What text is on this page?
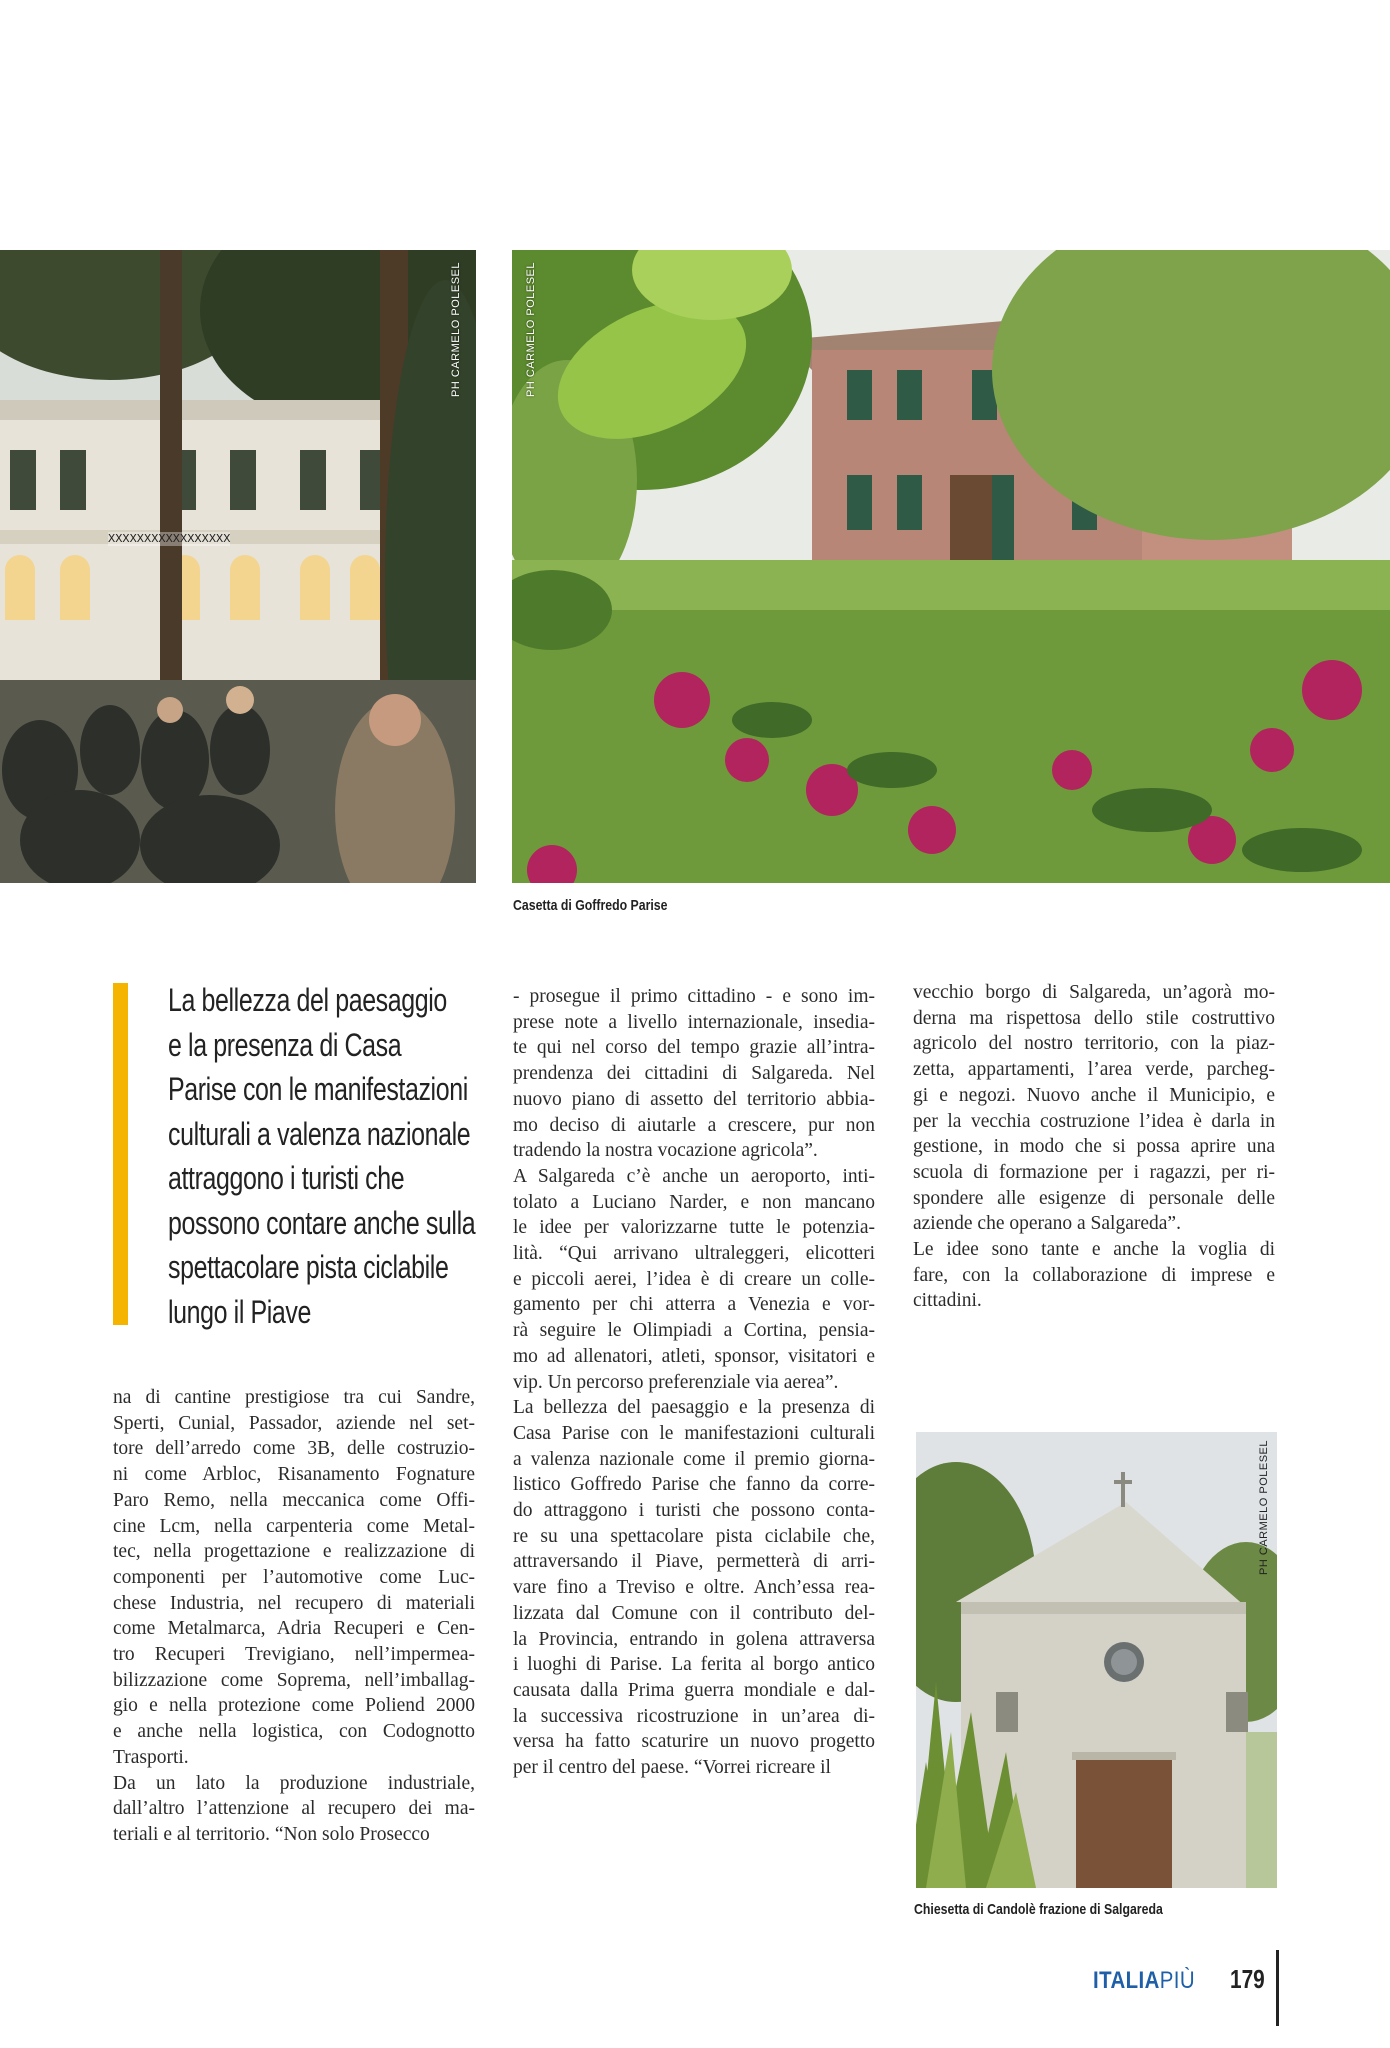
XXXXXXXXXXXXXXXXX
PH CARMELO POLESEL	PH CARMELO POLESEL
Casetta di Goffredo Parise
La bellezza del paesaggio
e la presenza di Casa
Parise con le manifestazioni
culturali a valenza nazionale
attraggono i turisti che
possono contare anche sulla
spettacolare pista ciclabile
lungo il Piave
na di cantine prestigiose tra cui Sandre,
Sperti, Cunial, Passador, aziende nel set-
tore dell’arredo come 3B, delle costruzio-
ni come Arbloc, Risanamento Fognature
Paro Remo, nella meccanica come Offi-
cine Lcm, nella carpenteria come Metal-
tec, nella progettazione e realizzazione di
componenti per l’automotive come Luc-
chese Industria, nel recupero di materiali
come Metalmarca, Adria Recuperi e Cen-
tro Recuperi Trevigiano, nell’impermea-
bilizzazione come Soprema, nell’imballag-
gio e nella protezione come Poliend 2000
e anche nella logistica, con Codognotto
Trasporti.
Da un lato la produzione industriale,
dall’altro l’attenzione al recupero dei ma-
teriali e al territorio. “Non solo Prosecco
- prosegue il primo cittadino - e sono im-
prese note a livello internazionale, insedia-
te qui nel corso del tempo grazie all’intra-
prendenza dei cittadini di Salgareda. Nel
nuovo piano di assetto del territorio abbia-
mo deciso di aiutarle a crescere, pur non
tradendo la nostra vocazione agricola”.
A Salgareda c’è anche un aeroporto, inti-
tolato a Luciano Narder, e non mancano
le idee per valorizzarne tutte le potenzia-
lità. “Qui arrivano ultraleggeri, elicotteri
e piccoli aerei, l’idea è di creare un colle-
gamento per chi atterra a Venezia e vor-
rà seguire le Olimpiadi a Cortina, pensia-
mo ad allenatori, atleti, sponsor, visitatori e
vip. Un percorso preferenziale via aerea”.
La bellezza del paesaggio e la presenza di
Casa Parise con le manifestazioni culturali
a valenza nazionale come il premio giorna-
listico Goffredo Parise che fanno da corre-
do attraggono i turisti che possono conta-
re su una spettacolare pista ciclabile che,
attraversando il Piave, permetterà di arri-
vare fino a Treviso e oltre. Anch’essa rea-
lizzata dal Comune con il contributo del-
la Provincia, entrando in golena attraversa
i luoghi di Parise. La ferita al borgo antico
causata dalla Prima guerra mondiale e dal-
la successiva ricostruzione in un’area di-
versa ha fatto scaturire un nuovo progetto
per il centro del paese. “Vorrei ricreare il
vecchio borgo di Salgareda, un’agorà mo-
derna ma rispettosa dello stile costruttivo
agricolo del nostro territorio, con la piaz-
zetta, appartamenti, l’area verde, parcheg-
gi e negozi. Nuovo anche il Municipio, e
per la vecchia costruzione l’idea è darla in
gestione, in modo che si possa aprire una
scuola di formazione per i ragazzi, per ri-
spondere alle esigenze di personale delle
aziende che operano a Salgareda”.
Le idee sono tante e anche la voglia di
fare, con la collaborazione di imprese e
cittadini.
PH CARMELO POLESEL
Chiesetta di Candolè frazione di Salgareda
ITALIAPIÙ 179
